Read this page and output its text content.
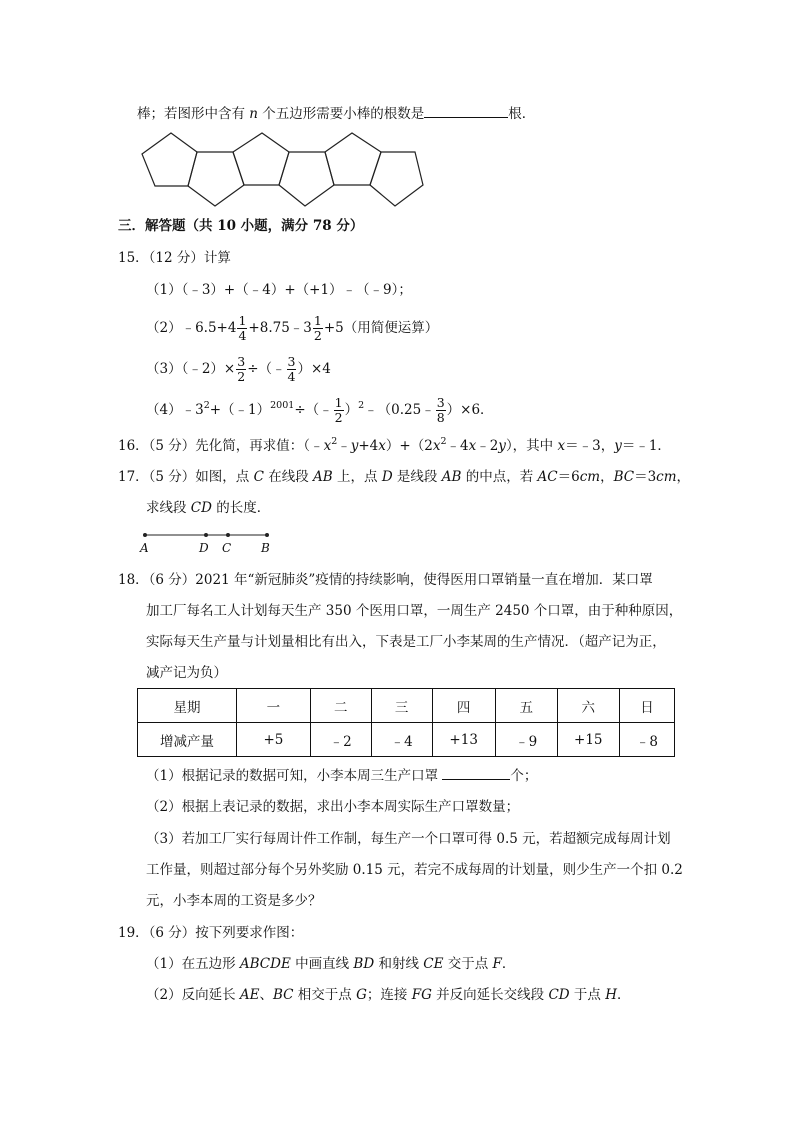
棒；若图形中含有 n 个五边形需要小棒的根数是	根．
三．解答题（共 10 小题，满分 78 分）
15．（12 分）计算
（1）（﹣3）+（﹣4）+（+1）﹣（﹣9）；
（2）﹣6.5+4 $\frac{1}{4}$ +8.75﹣3 $\frac{1}{2} +5$（用简便运算）
（3）（﹣2）× $\frac{3}{2}$ ÷（﹣ $\frac{3}{4} )\times 4$
$(4)﹣3^2+(﹣1)^{2001}\div(﹣ \frac{1}{2}$ ）$^2$﹣（0.25﹣ $\frac{3}{8} )\times 6$．
16．（5 分）先化简，再求值：$(﹣x^2﹣y+4x)+(2x^2﹣4x﹣2y)$，其中 x＝﹣3，y＝﹣1．
17．（5 分）如图，点 C 在线段 AB 上，点 D 是线段 AB 的中点，若 AC＝6cm，BC＝3cm，
求线段 CD 的长度．
A	D C B
18．（6 分）2021 年“新冠肺炎”疫情的持续影响，使得医用口罩销量一直在增加．某口罩
加工厂每名工人计划每天生产 350 个医用口罩，一周生产 2450 个口罩，由于种种原因，
实际每天生产量与计划量相比有出入，下表是工厂小李某周的生产情况．（超产记为正，
减产记为负）
星期	一	二	三	四	五	六	日
增减产量	+5	﹣2	﹣4	+13	﹣9	+15	﹣8
（1）根据记录的数据可知，小李本周三生产口罩	个；
（2）根据上表记录的数据，求出小李本周实际生产口罩数量；
（3）若加工厂实行每周计件工作制，每生产一个口罩可得 0.5 元，若超额完成每周计划
工作量，则超过部分每个另外奖励 0.15 元，若完不成每周的计划量，则少生产一个扣 0.2
元，小李本周的工资是多少？
19．（6 分）按下列要求作图：
（1）在五边形 ABCDE 中画直线 BD 和射线 CE 交于点 F．
（2）反向延长 AE、BC 相交于点 G；连接 FG 并反向延长交线段 CD 于点 H．
